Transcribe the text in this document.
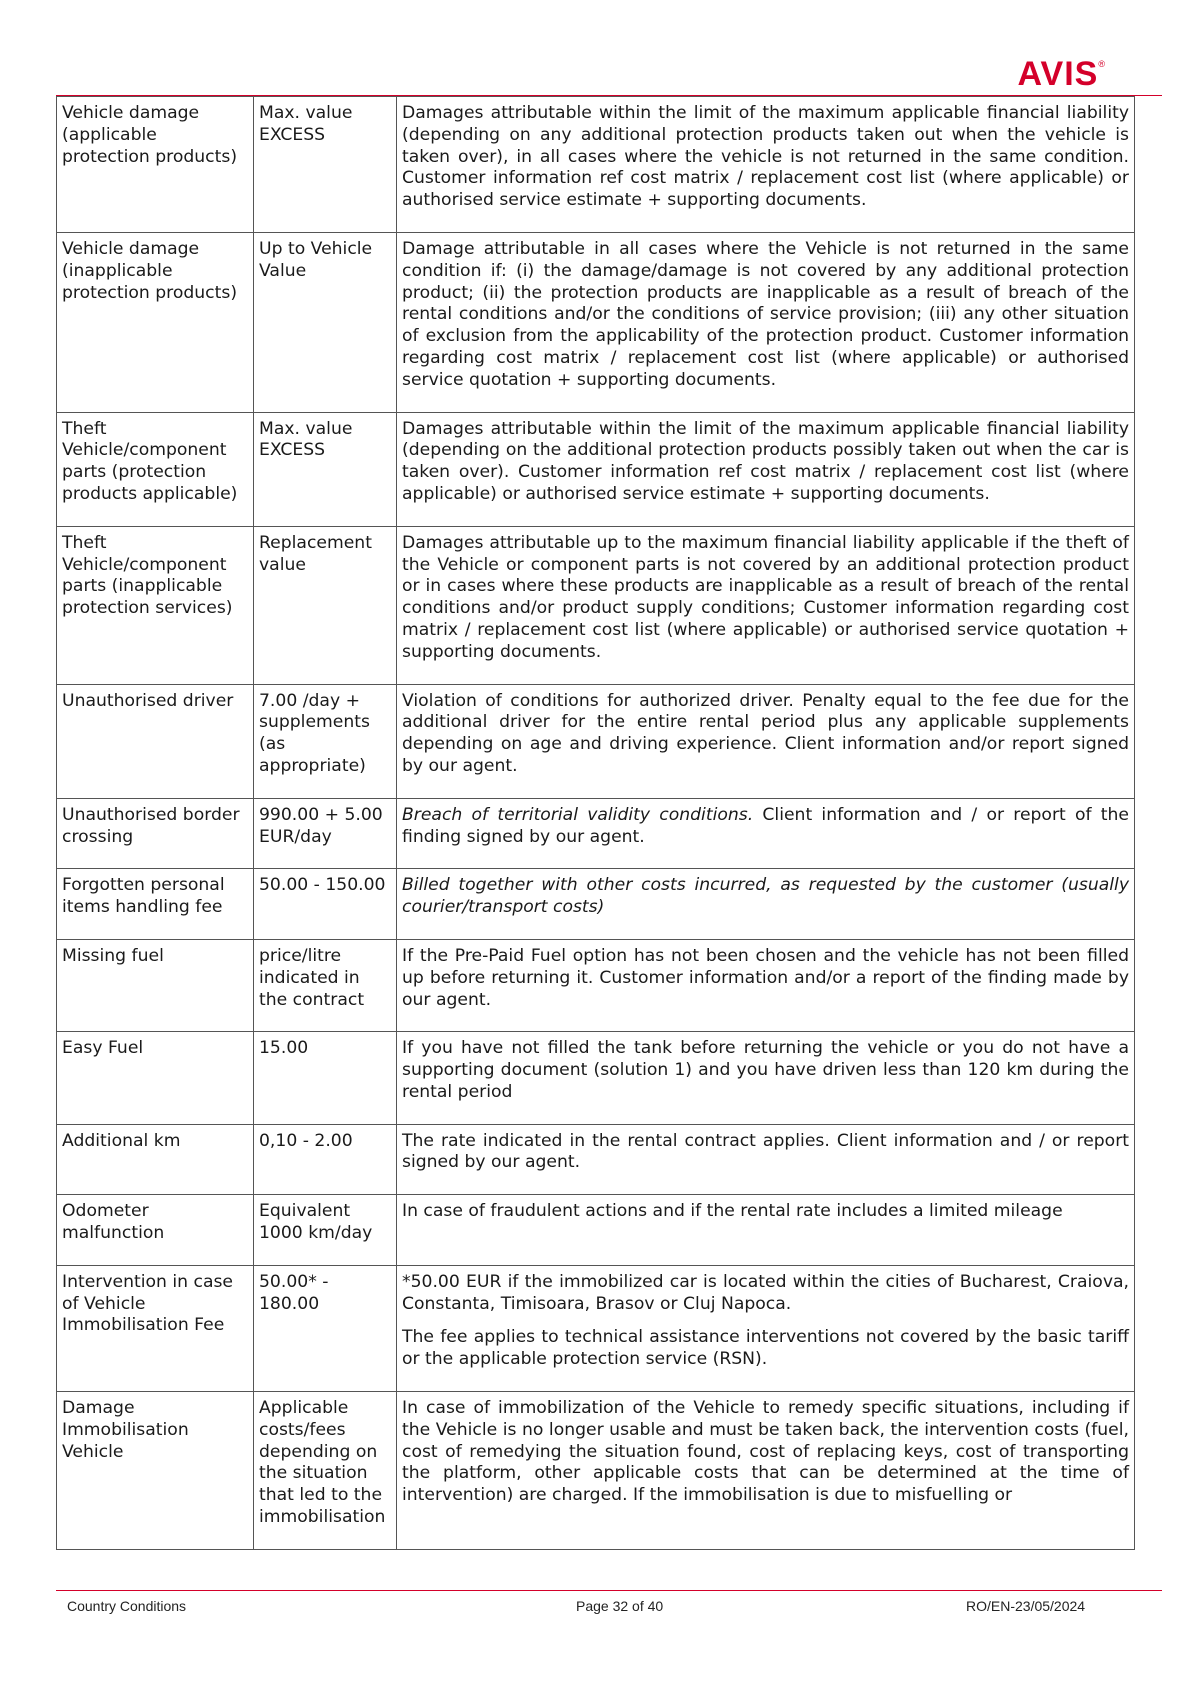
AVIS®
Vehicle damage (applicable protection products)	Max. value EXCESS	Damages attributable within the limit of the maximum applicable financial liability (depending on any additional protection products taken out when the vehicle is taken over), in all cases where the vehicle is not returned in the same condition. Customer information ref cost matrix / replacement cost list (where applicable) or authorised service estimate + supporting documents.
Vehicle damage (inapplicable protection products)	Up to Vehicle Value	Damage attributable in all cases where the Vehicle is not returned in the same condition if: (i) the damage/damage is not covered by any additional protection product; (ii) the protection products are inapplicable as a result of breach of the rental conditions and/or the conditions of service provision; (iii) any other situation of exclusion from the applicability of the protection product. Customer information regarding cost matrix / replacement cost list (where applicable) or authorised service quotation + supporting documents.
Theft Vehicle/component parts (protection products applicable)	Max. value EXCESS	Damages attributable within the limit of the maximum applicable financial liability (depending on the additional protection products possibly taken out when the car is taken over). Customer information ref cost matrix / replacement cost list (where applicable) or authorised service estimate + supporting documents.
Theft Vehicle/component parts (inapplicable protection services)	Replacement value	Damages attributable up to the maximum financial liability applicable if the theft of the Vehicle or component parts is not covered by an additional protection product or in cases where these products are inapplicable as a result of breach of the rental conditions and/or product supply conditions; Customer information regarding cost matrix / replacement cost list (where applicable) or authorised service quotation + supporting documents.
Unauthorised driver	7.00 /day + supplements (as appropriate)	Violation of conditions for authorized driver. Penalty equal to the fee due for the additional driver for the entire rental period plus any applicable supplements depending on age and driving experience. Client information and/or report signed by our agent.
Unauthorised border crossing	990.00 + 5.00 EUR/day	Breach of territorial validity conditions. Client information and / or report of the finding signed by our agent.
Forgotten personal items handling fee	50.00 - 150.00	Billed together with other costs incurred, as requested by the customer (usually courier/transport costs)
Missing fuel	price/litre indicated in the contract	If the Pre-Paid Fuel option has not been chosen and the vehicle has not been filled up before returning it. Customer information and/or a report of the finding made by our agent.
Easy Fuel	15.00	If you have not filled the tank before returning the vehicle or you do not have a supporting document (solution 1) and you have driven less than 120 km during the rental period
Additional km	0,10 - 2.00	The rate indicated in the rental contract applies. Client information and / or report signed by our agent.
Odometer malfunction	Equivalent 1000 km/day	In case of fraudulent actions and if the rental rate includes a limited mileage
Intervention in case of Vehicle Immobilisation Fee	50.00* - 180.00	*50.00 EUR if the immobilized car is located within the cities of Bucharest, Craiova, Constanta, Timisoara, Brasov or Cluj Napoca.
The fee applies to technical assistance interventions not covered by the basic tariff or the applicable protection service (RSN).

Damage Immobilisation Vehicle	Applicable costs/fees depending on the situation that led to the immobilisation	In case of immobilization of the Vehicle to remedy specific situations, including if the Vehicle is no longer usable and must be taken back, the intervention costs (fuel, cost of remedying the situation found, cost of replacing keys, cost of transporting the platform, other applicable costs that can be determined at the time of intervention) are charged. If the immobilisation is due to misfuelling or
Country Conditions	Page 32 of 40	RO/EN-23/05/2024
